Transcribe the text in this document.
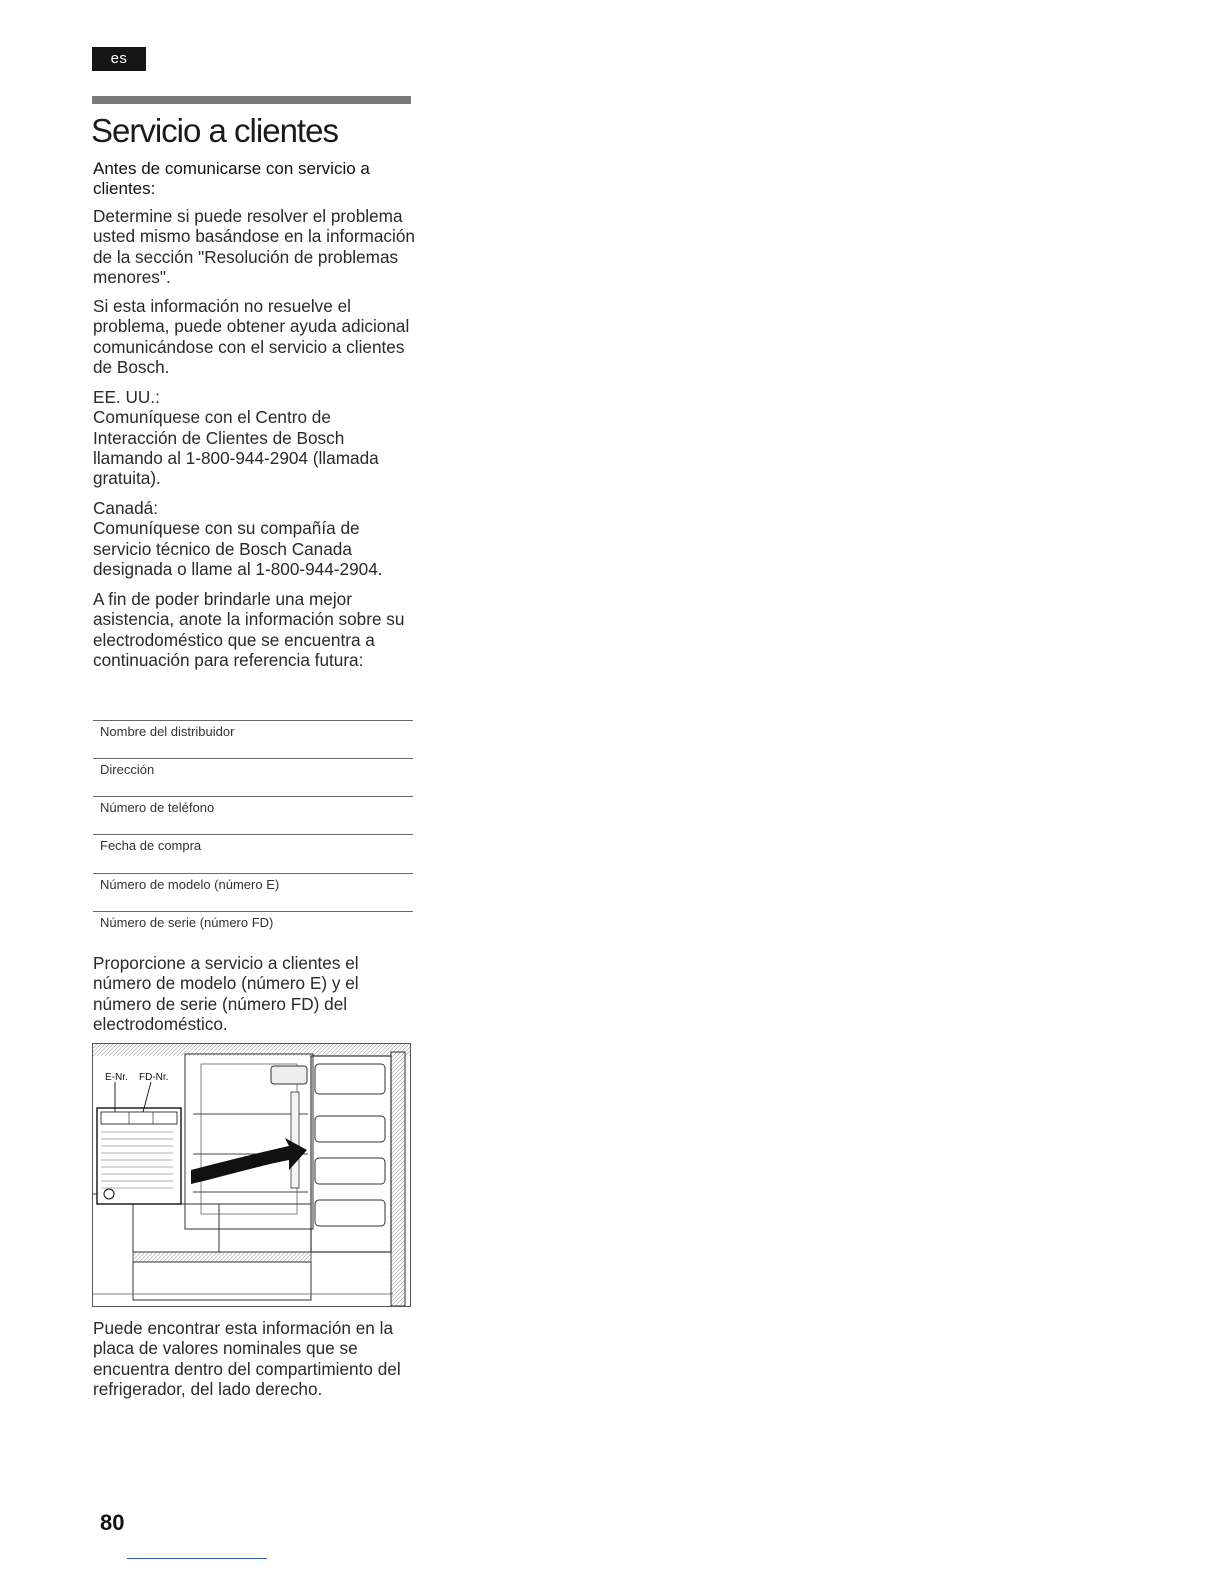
es
Servicio a clientes
Antes de comunicarse con servicio a clientes:

Determine si puede resolver el problema usted mismo basándose en la información de la sección "Resolución de problemas menores".

Si esta información no resuelve el problema, puede obtener ayuda adicional comunicándose con el servicio a clientes de Bosch.

EE. UU.:
Comuníquese con el Centro de Interacción de Clientes de Bosch llamando al 1-800-944-2904 (llamada gratuita).

Canadá:
Comuníquese con su compañía de servicio técnico de Bosch Canada designada o llame al 1-800-944-2904.

A fin de poder brindarle una mejor asistencia, anote la información sobre su electrodoméstico que se encuentra a continuación para referencia futura:

Nombre del distribuidor
Dirección
Número de teléfono
Fecha de compra
Número de modelo (número E)
Número de serie (número FD)

Proporcione a servicio a clientes el número de modelo (número E) y el número de serie (número FD) del electrodoméstico.

E-Nr. FD-Nr.

Puede encontrar esta información en la placa de valores nominales que se encuentra dentro del compartimiento del refrigerador, del lado derecho.

80
